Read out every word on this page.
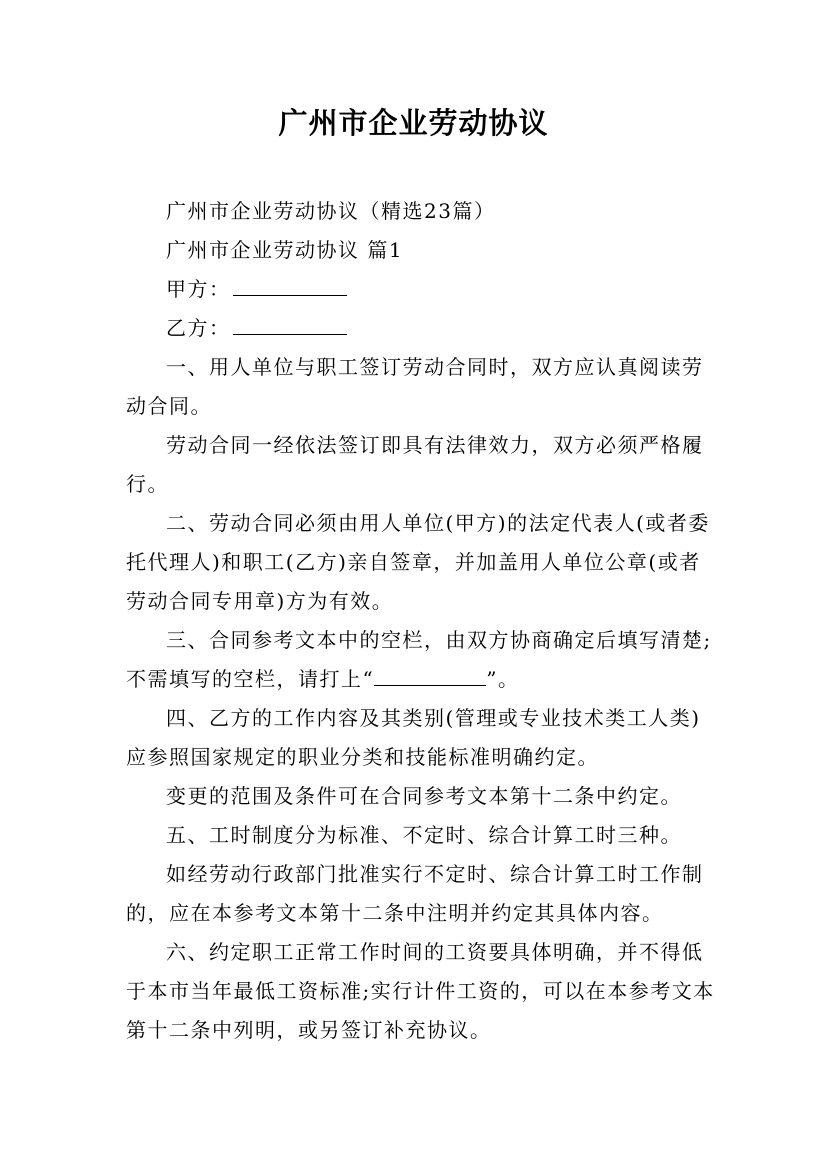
广州市企业劳动协议

广州市企业劳动协议（精选23篇）

广州市企业劳动协议 篇1

甲方：

乙方：

一、用人单位与职工签订劳动合同时，双方应认真阅读劳动合同。

劳动合同一经依法签订即具有法律效力，双方必须严格履行。

二、劳动合同必须由用人单位(甲方)的法定代表人(或者委托代理人)和职工(乙方)亲自签章，并加盖用人单位公章(或者劳动合同专用章)方为有效。

三、合同参考文本中的空栏，由双方协商确定后填写清楚;不需填写的空栏，请打上“	”。

四、乙方的工作内容及其类别(管理或专业技术类工人类)应参照国家规定的职业分类和技能标准明确约定。

变更的范围及条件可在合同参考文本第十二条中约定。

五、工时制度分为标准、不定时、综合计算工时三种。

如经劳动行政部门批准实行不定时、综合计算工时工作制的，应在本参考文本第十二条中注明并约定其具体内容。

六、约定职工正常工作时间的工资要具体明确，并不得低于本市当年最低工资标准;实行计件工资的，可以在本参考文本第十二条中列明，或另签订补充协议。
